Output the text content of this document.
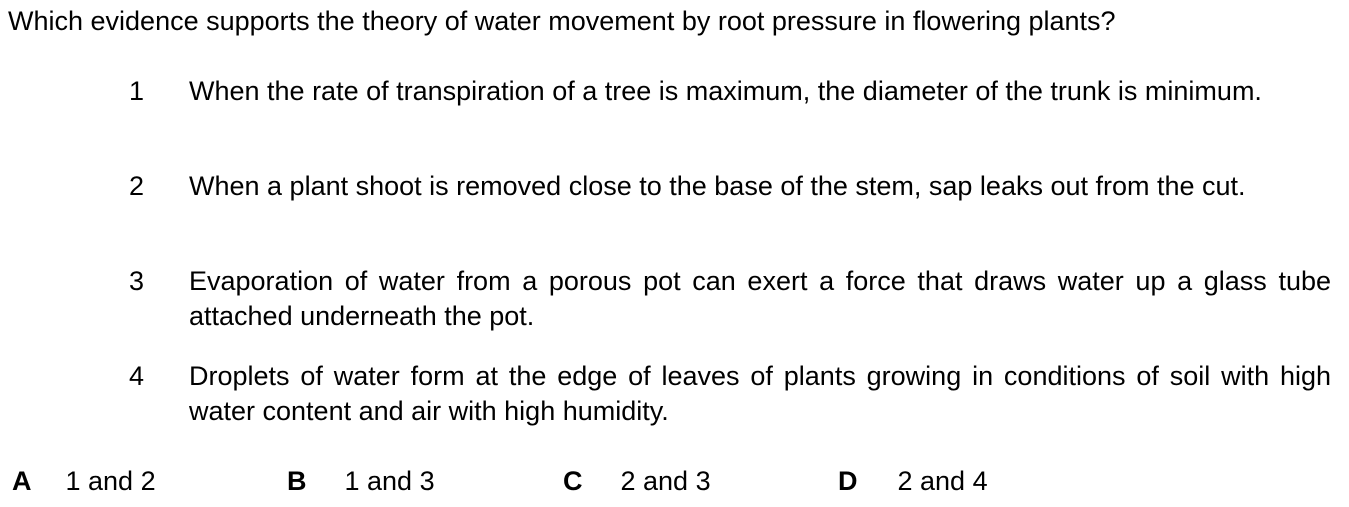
Which evidence supports the theory of water movement by root pressure in flowering plants?
1 When the rate of transpiration of a tree is maximum, the diameter of the trunk is minimum.
2 When a plant shoot is removed close to the base of the stem, sap leaks out from the cut.
3 Evaporation of water from a porous pot can exert a force that draws water up a glass tube attached underneath the pot.
4 Droplets of water form at the edge of leaves of plants growing in conditions of soil with high water content and air with high humidity.
A 1 and 2	B 1 and 3	C 2 and 3	D 2 and 4
